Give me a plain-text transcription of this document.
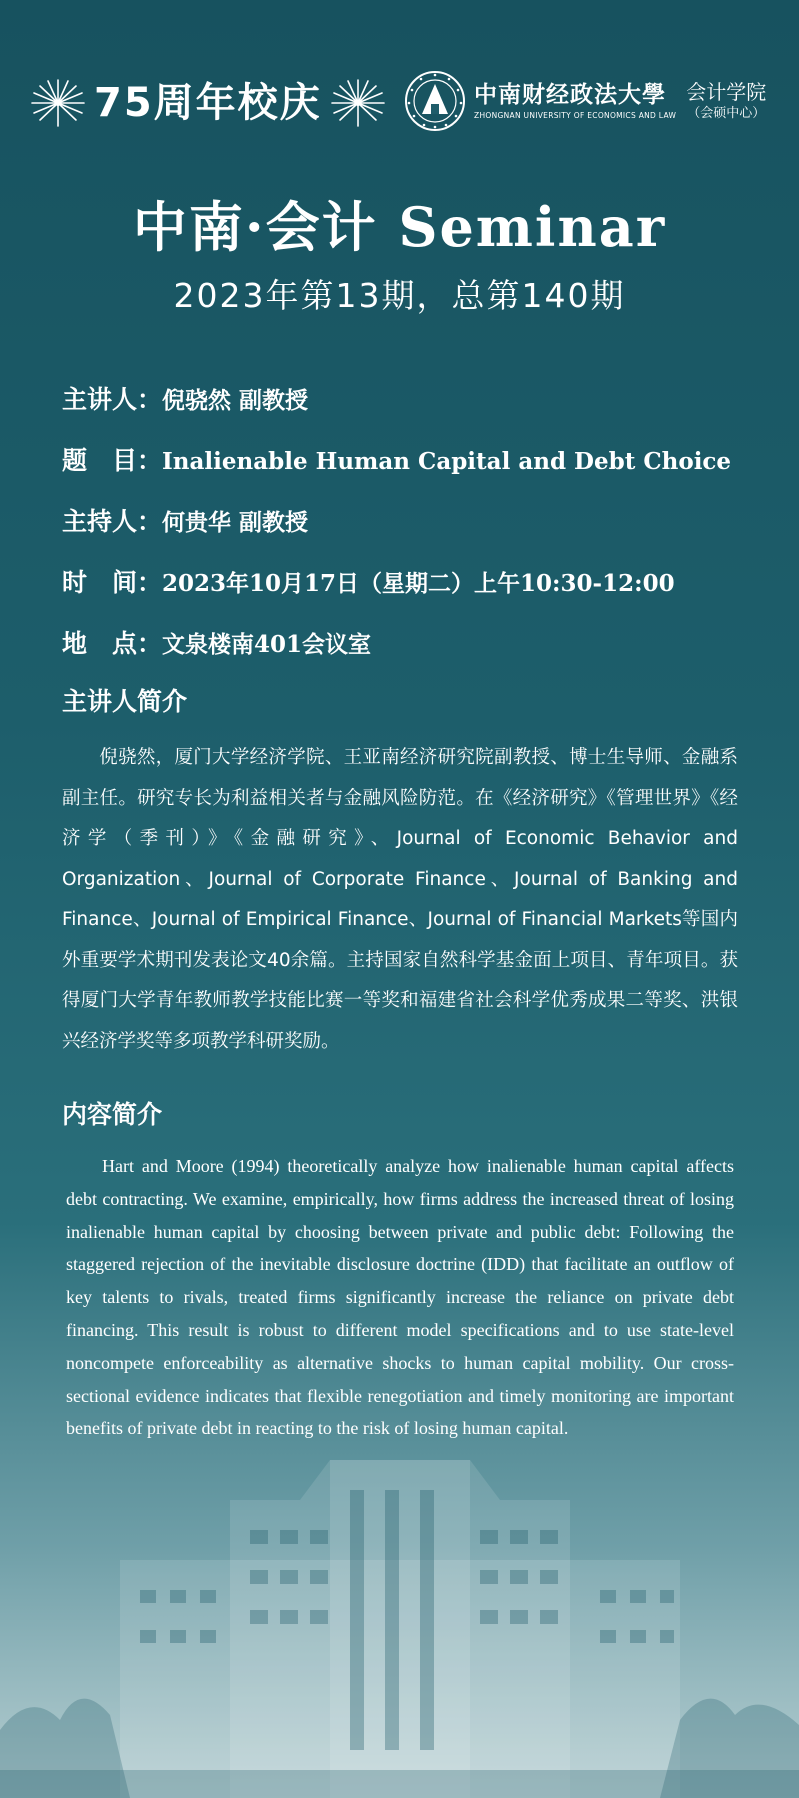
75周年校庆	中南财经政法大學
ZHONGNAN UNIVERSITY OF ECONOMICS AND LAW
会计学院
（会硕中心）
中南·会计 Seminar
2023年第13期，总第140期
主讲人： 倪骁然 副教授
题　目： Inalienable Human Capital and Debt Choice
主持人： 何贵华 副教授
时　间： 2023年10月17日（星期二）上午10:30-12:00
地　点： 文泉楼南401会议室
主讲人简介
倪骁然，厦门大学经济学院、王亚南经济研究院副教授、博士生导师、金融系副主任。研究专长为利益相关者与金融风险防范。在《经济研究》《管理世界》《经济学（季刊）》《金融研究》、Journal of Economic Behavior and Organization、Journal of Corporate Finance、Journal of Banking and Finance、Journal of Empirical Finance、Journal of Financial Markets等国内外重要学术期刊发表论文40余篇。主持国家自然科学基金面上项目、青年项目。获得厦门大学青年教师教学技能比赛一等奖和福建省社会科学优秀成果二等奖、洪银兴经济学奖等多项教学科研奖励。
内容简介
Hart and Moore (1994) theoretically analyze how inalienable human capital affects debt contracting. We examine, empirically, how firms address the increased threat of losing inalienable human capital by choosing between private and public debt: Following the staggered rejection of the inevitable disclosure doctrine (IDD) that facilitate an outflow of key talents to rivals, treated firms significantly increase the reliance on private debt financing. This result is robust to different model specifications and to use state-level noncompete enforceability as alternative shocks to human capital mobility. Our cross-sectional evidence indicates that flexible renegotiation and timely monitoring are important benefits of private debt in reacting to the risk of losing human capital.
